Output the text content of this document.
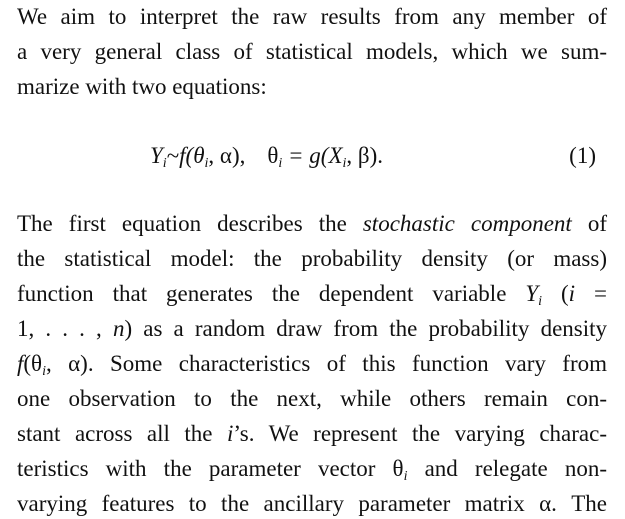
We aim to interpret the raw results from any member of
a very general class of statistical models, which we sum-
marize with two equations:
$Y_i\sim f(\theta_i$, α), $\theta_i = g(X_i$, β).	(1)
The first equation describes the stochastic component of
the statistical model: the probability density (or mass)
function that generates the dependent variable $Y_i$ (i =
1, . . . , n) as a random draw from the probability density
$f(\theta_i$, α). Some characteristics of this function vary from
one observation to the next, while others remain con-
stant across all the i’s. We represent the varying charac-
teristics with the parameter vector $\theta_i$ and relegate non-
varying features to the ancillary parameter matrix α. The
